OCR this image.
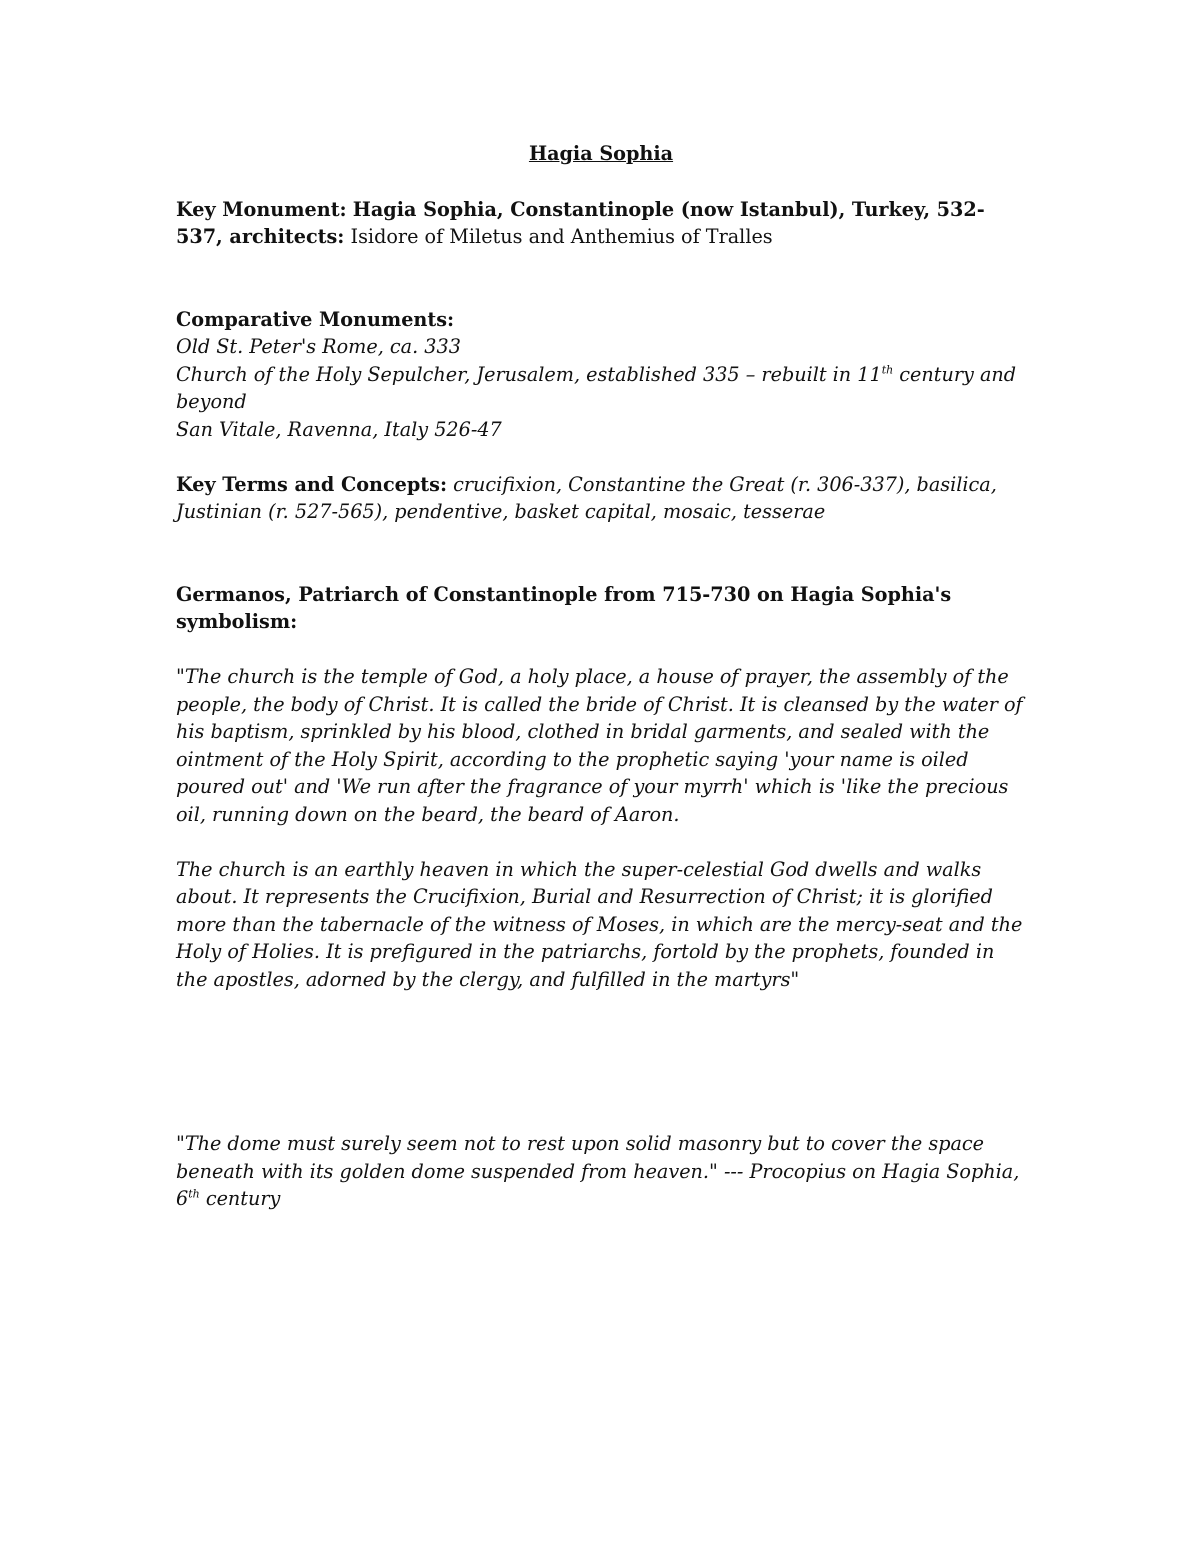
Hagia Sophia

Key Monument: Hagia Sophia, Constantinople (now Istanbul), Turkey, 532-537, architects: Isidore of Miletus and Anthemius of Tralles

Comparative Monuments:

Old St. Peter's Rome, ca. 333

Church of the Holy Sepulcher, Jerusalem, established 335 – rebuilt in 11th century and beyond

San Vitale, Ravenna, Italy 526-47

Key Terms and Concepts: crucifixion, Constantine the Great (r. 306-337), basilica, Justinian (r. 527-565), pendentive, basket capital, mosaic, tesserae

Germanos, Patriarch of Constantinople from 715-730 on Hagia Sophia's symbolism:

"The church is the temple of God, a holy place, a house of prayer, the assembly of the people, the body of Christ. It is called the bride of Christ. It is cleansed by the water of his baptism, sprinkled by his blood, clothed in bridal garments, and sealed with the ointment of the Holy Spirit, according to the prophetic saying 'your name is oiled poured out' and 'We run after the fragrance of your myrrh' which is 'like the precious oil, running down on the beard, the beard of Aaron.

The church is an earthly heaven in which the super-celestial God dwells and walks about. It represents the Crucifixion, Burial and Resurrection of Christ; it is glorified more than the tabernacle of the witness of Moses, in which are the mercy-seat and the Holy of Holies. It is prefigured in the patriarchs, fortold by the prophets, founded in the apostles, adorned by the clergy, and fulfilled in the martyrs"

"The dome must surely seem not to rest upon solid masonry but to cover the space beneath with its golden dome suspended from heaven." --- Procopius on Hagia Sophia, 6th century
